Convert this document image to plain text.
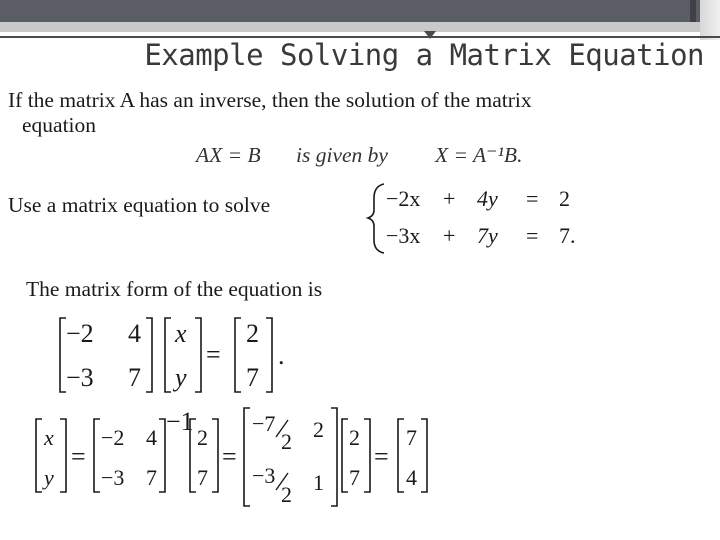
Example Solving a Matrix Equation
If the matrix A has an inverse, then the solution of the matrix
equation
AX = B is given by X = A⁻¹B.
Use a matrix equation to solve
The matrix form of the equation is
−2x + 4y = 2
−3x + 7y = 7.
−2 4
−3 7
x
y
=
2
7
.
x
y
=
−2 4
−3 7
−1
2
7
=
−7
2 2
−3
2 1
2
7
=
7
4
